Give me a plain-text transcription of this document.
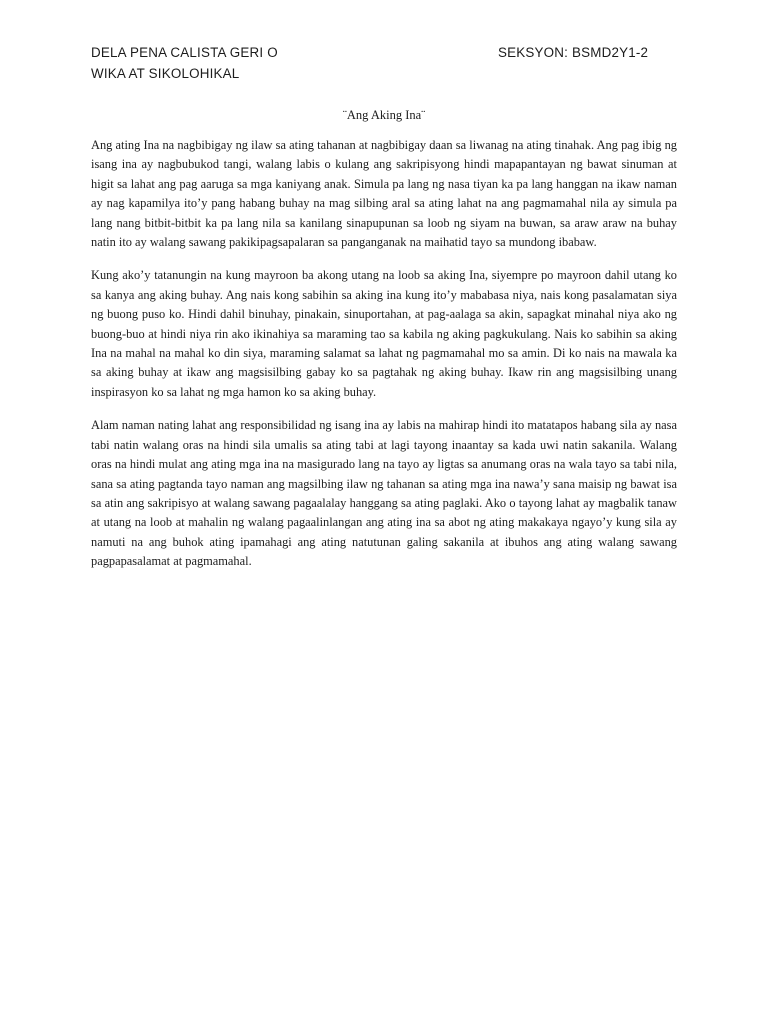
DELA PENA CALISTA GERI O	SEKSYON: BSMD2Y1-2
WIKA AT SIKOLOHIKAL
¨Ang Aking Ina¨

Ang ating Ina na nagbibigay ng ilaw sa ating tahanan at nagbibigay daan sa liwanag na ating tinahak. Ang pag ibig ng isang ina ay nagbubukod tangi, walang labis o kulang ang sakripisyong hindi mapapantayan ng bawat sinuman at higit sa lahat ang pag aaruga sa mga kaniyang anak. Simula pa lang ng nasa tiyan ka pa lang hanggan na ikaw naman ay nag kapamilya ito’y pang habang buhay na mag silbing aral sa ating lahat na ang pagmamahal nila ay simula pa lang nang bitbit-bitbit ka pa lang nila sa kanilang sinapupunan sa loob ng siyam na buwan, sa araw araw na buhay natin ito ay walang sawang pakikipagsapalaran sa panganganak na maihatid tayo sa mundong ibabaw.

Kung ako’y tatanungin na kung mayroon ba akong utang na loob sa aking Ina, siyempre po mayroon dahil utang ko sa kanya ang aking buhay. Ang nais kong sabihin sa aking ina kung ito’y mababasa niya, nais kong pasalamatan siya ng buong puso ko. Hindi dahil binuhay, pinakain, sinuportahan, at pag-aalaga sa akin, sapagkat minahal niya ako ng buong-buo at hindi niya rin ako ikinahiya sa maraming tao sa kabila ng aking pagkukulang. Nais ko sabihin sa aking Ina na mahal na mahal ko din siya, maraming salamat sa lahat ng pagmamahal mo sa amin. Di ko nais na mawala ka sa aking buhay at ikaw ang magsisilbing gabay ko sa pagtahak ng aking buhay. Ikaw rin ang magsisilbing unang inspirasyon ko sa lahat ng mga hamon ko sa aking buhay.

Alam naman nating lahat ang responsibilidad ng isang ina ay labis na mahirap hindi ito matatapos habang sila ay nasa tabi natin walang oras na hindi sila umalis sa ating tabi at lagi tayong inaantay sa kada uwi natin sakanila. Walang oras na hindi mulat ang ating mga ina na masigurado lang na tayo ay ligtas sa anumang oras na wala tayo sa tabi nila, sana sa ating pagtanda tayo naman ang magsilbing ilaw ng tahanan sa ating mga ina nawa’y sana maisip ng bawat isa sa atin ang sakripisyo at walang sawang pagaalalay hanggang sa ating paglaki. Ako o tayong lahat ay magbalik tanaw at utang na loob at mahalin ng walang pagaalinlangan ang ating ina sa abot ng ating makakaya ngayo’y kung sila ay namuti na ang buhok ating ipamahagi ang ating natutunan galing sakanila at ibuhos ang ating walang sawang pagpapasalamat at pagmamahal.
